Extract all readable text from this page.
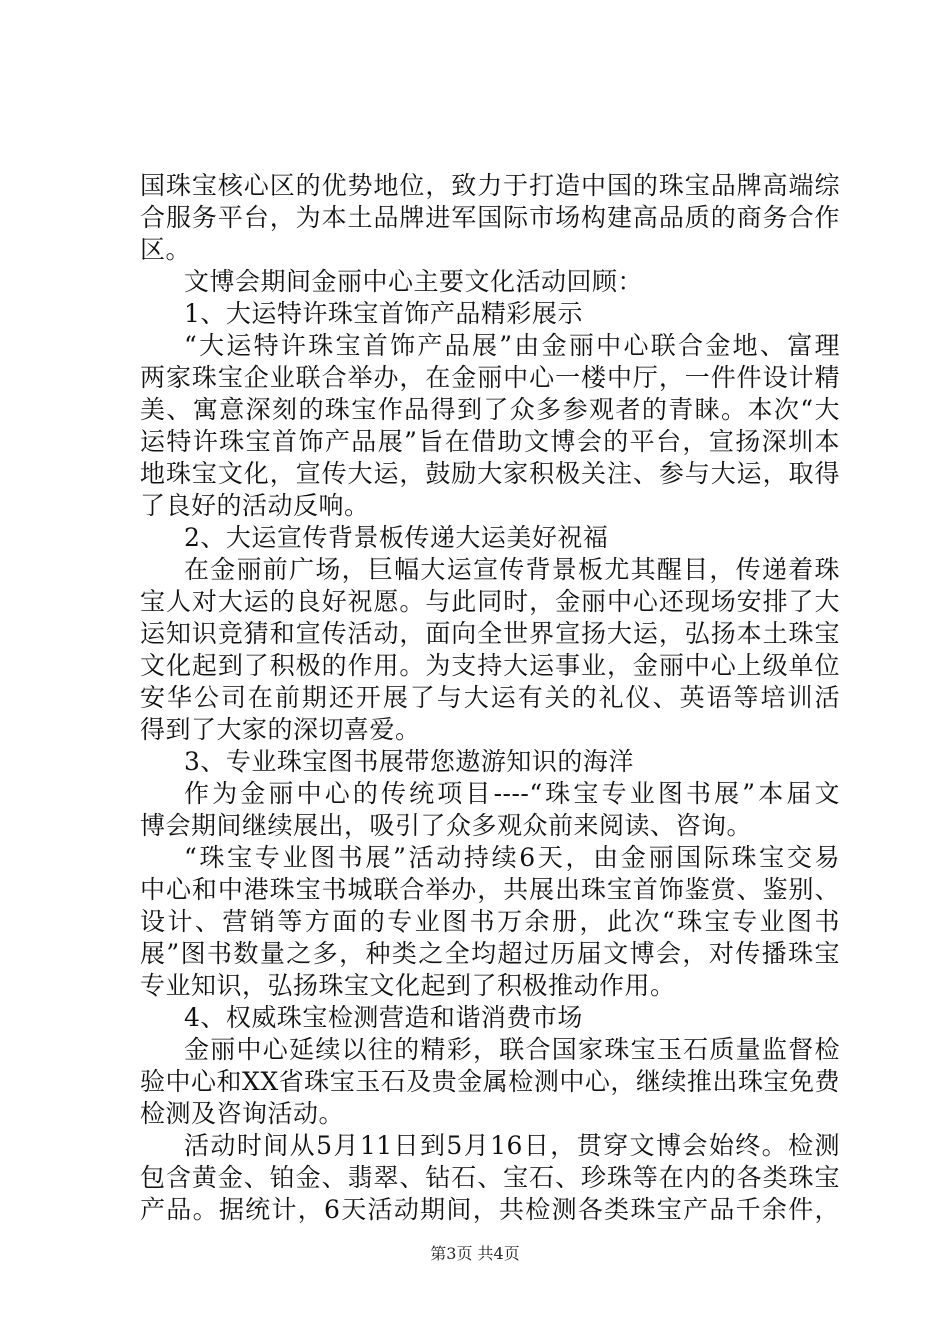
国珠宝核心区的优势地位，致力于打造中国的珠宝品牌高端综
合服务平台，为本土品牌进军国际市场构建高品质的商务合作
区。
文博会期间金丽中心主要文化活动回顾：
1、大运特许珠宝首饰产品精彩展示
“大运特许珠宝首饰产品展”由金丽中心联合金地、富理
两家珠宝企业联合举办，在金丽中心一楼中厅，一件件设计精
美、寓意深刻的珠宝作品得到了众多参观者的青睐。本次“大
运特许珠宝首饰产品展”旨在借助文博会的平台，宣扬深圳本
地珠宝文化，宣传大运，鼓励大家积极关注、参与大运，取得
了良好的活动反响。
2、大运宣传背景板传递大运美好祝福
在金丽前广场，巨幅大运宣传背景板尤其醒目，传递着珠
宝人对大运的良好祝愿。与此同时，金丽中心还现场安排了大
运知识竞猜和宣传活动，面向全世界宣扬大运，弘扬本土珠宝
文化起到了积极的作用。为支持大运事业，金丽中心上级单位
安华公司在前期还开展了与大运有关的礼仪、英语等培训活
得到了大家的深切喜爱。
3、专业珠宝图书展带您遨游知识的海洋
作为金丽中心的传统项目----“珠宝专业图书展”本届文
博会期间继续展出，吸引了众多观众前来阅读、咨询。
“珠宝专业图书展”活动持续6天，由金丽国际珠宝交易
中心和中港珠宝书城联合举办，共展出珠宝首饰鉴赏、鉴别、
设计、营销等方面的专业图书万余册，此次“珠宝专业图书
展”图书数量之多，种类之全均超过历届文博会，对传播珠宝
专业知识，弘扬珠宝文化起到了积极推动作用。
4、权威珠宝检测营造和谐消费市场
金丽中心延续以往的精彩，联合国家珠宝玉石质量监督检
验中心和XX省珠宝玉石及贵金属检测中心，继续推出珠宝免费
检测及咨询活动。
活动时间从5月11日到5月16日，贯穿文博会始终。检测
包含黄金、铂金、翡翠、钻石、宝石、珍珠等在内的各类珠宝
产品。据统计，6天活动期间，共检测各类珠宝产品千余件，
第3页 共4页
